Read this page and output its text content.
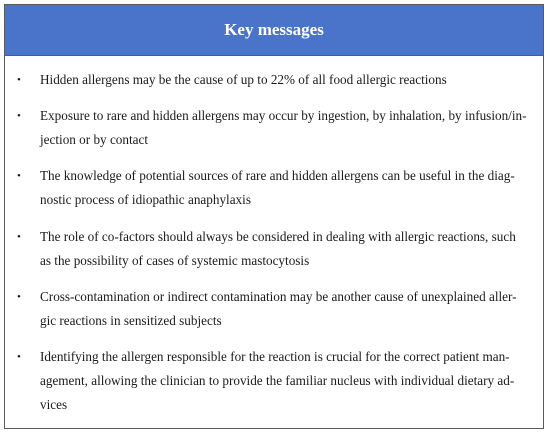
Key messages
•	Hidden allergens may be the cause of up to 22% of all food allergic reactions
•	Exposure to rare and hidden allergens may occur by ingestion, by inhalation, by infusion/in-
jection or by contact
•	The knowledge of potential sources of rare and hidden allergens can be useful in the diag-
nostic process of idiopathic anaphylaxis
•	The role of co-factors should always be considered in dealing with allergic reactions, such
as the possibility of cases of systemic mastocytosis
•	Cross-contamination or indirect contamination may be another cause of unexplained aller-
gic reactions in sensitized subjects
•	Identifying the allergen responsible for the reaction is crucial for the correct patient man-
agement, allowing the clinician to provide the familiar nucleus with individual dietary ad-
vices
